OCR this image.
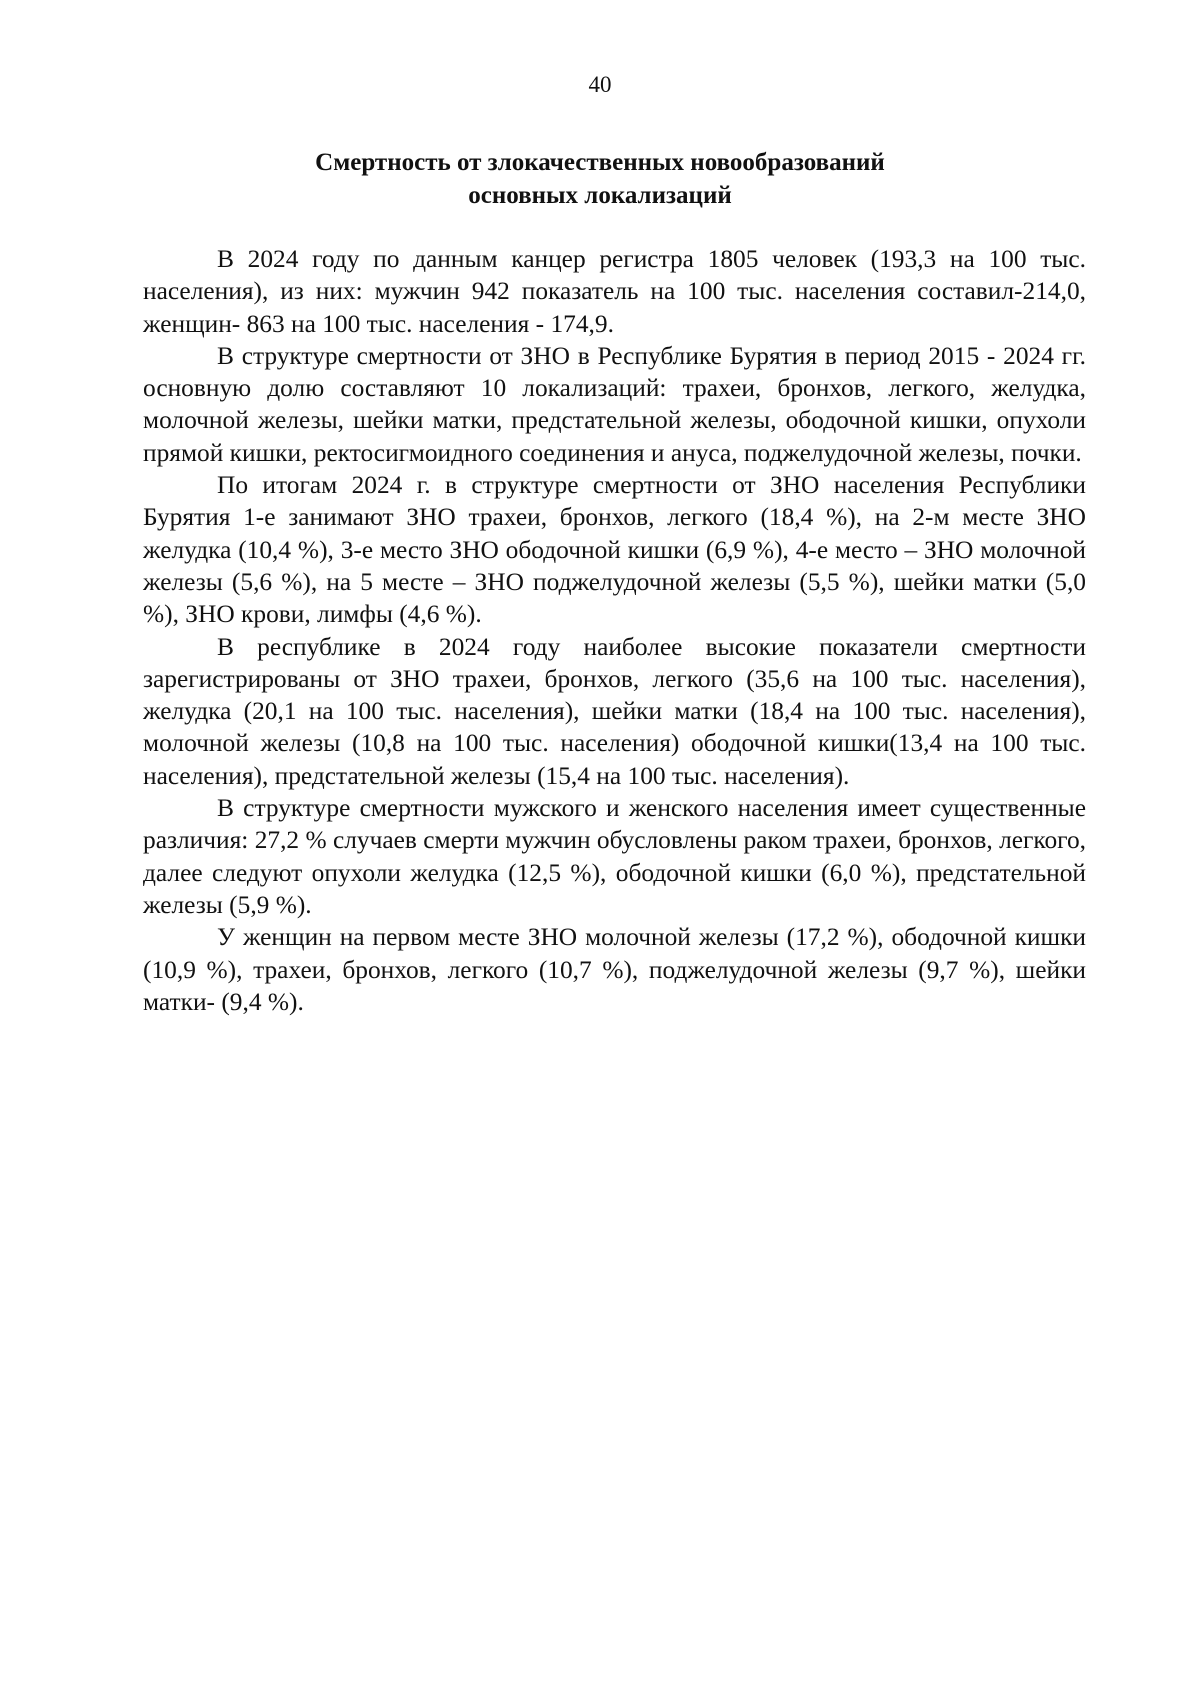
40
Смертность от злокачественных новообразований
основных локализаций

В 2024 году по данным канцер регистра 1805 человек (193,3 на 100 тыс. населения), из них: мужчин 942 показатель на 100 тыс. населения составил-214,0, женщин- 863 на 100 тыс. населения - 174,9.

В структуре смертности от ЗНО в Республике Бурятия в период 2015 - 2024 гг. основную долю составляют 10 локализаций: трахеи, бронхов, легкого, желудка, молочной железы, шейки матки, предстательной железы, ободочной кишки, опухоли прямой кишки, ректосигмоидного соединения и ануса, поджелудочной железы, почки.

По итогам 2024 г. в структуре смертности от ЗНО населения Республики Бурятия 1-е занимают ЗНО трахеи, бронхов, легкого (18,4 %), на 2-м месте ЗНО желудка (10,4 %), 3-е место ЗНО ободочной кишки (6,9 %), 4-е место – ЗНО молочной железы (5,6 %), на 5 месте – ЗНО поджелудочной железы (5,5 %), шейки матки (5,0 %), ЗНО крови, лимфы (4,6 %).

В республике в 2024 году наиболее высокие показатели смертности зарегистрированы от ЗНО трахеи, бронхов, легкого (35,6 на 100 тыс. населения), желудка (20,1 на 100 тыс. населения), шейки матки (18,4 на 100 тыс. населения), молочной железы (10,8 на 100 тыс. населения) ободочной кишки(13,4 на 100 тыс. населения), предстательной железы (15,4 на 100 тыс. населения).

В структуре смертности мужского и женского населения имеет существенные различия: 27,2 % случаев смерти мужчин обусловлены раком трахеи, бронхов, легкого, далее следуют опухоли желудка (12,5 %), ободочной кишки (6,0 %), предстательной железы (5,9 %).

У женщин на первом месте ЗНО молочной железы (17,2 %), ободочной кишки (10,9 %), трахеи, бронхов, легкого (10,7 %), поджелудочной железы (9,7 %), шейки матки- (9,4 %).
